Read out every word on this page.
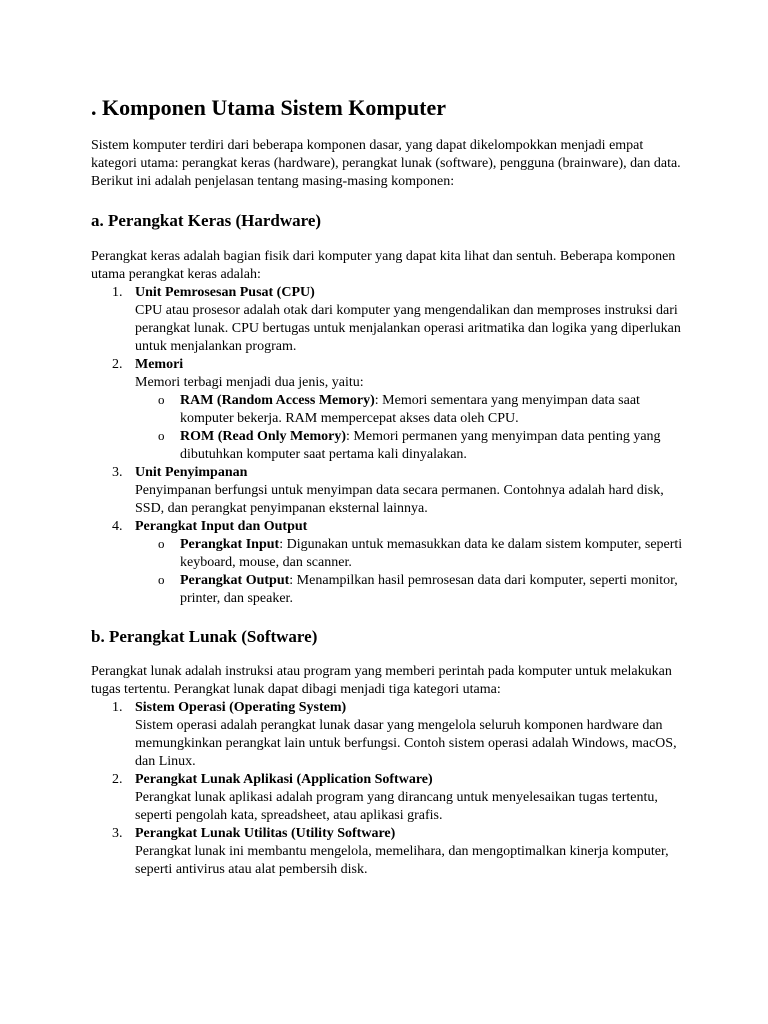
. Komponen Utama Sistem Komputer

Sistem komputer terdiri dari beberapa komponen dasar, yang dapat dikelompokkan menjadi empat kategori utama: perangkat keras (hardware), perangkat lunak (software), pengguna (brainware), dan data. Berikut ini adalah penjelasan tentang masing-masing komponen:

a. Perangkat Keras (Hardware)

Perangkat keras adalah bagian fisik dari komputer yang dapat kita lihat dan sentuh. Beberapa komponen utama perangkat keras adalah:

1. Unit Pemrosesan Pusat (CPU)
CPU atau prosesor adalah otak dari komputer yang mengendalikan dan memproses instruksi dari perangkat lunak. CPU bertugas untuk menjalankan operasi aritmatika dan logika yang diperlukan untuk menjalankan program.
2. Memori
Memori terbagi menjadi dua jenis, yaitu:
o RAM (Random Access Memory): Memori sementara yang menyimpan data saat komputer bekerja. RAM mempercepat akses data oleh CPU.
o ROM (Read Only Memory): Memori permanen yang menyimpan data penting yang dibutuhkan komputer saat pertama kali dinyalakan.
3. Unit Penyimpanan
Penyimpanan berfungsi untuk menyimpan data secara permanen. Contohnya adalah hard disk, SSD, dan perangkat penyimpanan eksternal lainnya.
4. Perangkat Input dan Output
o Perangkat Input: Digunakan untuk memasukkan data ke dalam sistem komputer, seperti keyboard, mouse, dan scanner.
o Perangkat Output: Menampilkan hasil pemrosesan data dari komputer, seperti monitor, printer, dan speaker.
b. Perangkat Lunak (Software)

Perangkat lunak adalah instruksi atau program yang memberi perintah pada komputer untuk melakukan tugas tertentu. Perangkat lunak dapat dibagi menjadi tiga kategori utama:

1. Sistem Operasi (Operating System)
Sistem operasi adalah perangkat lunak dasar yang mengelola seluruh komponen hardware dan memungkinkan perangkat lain untuk berfungsi. Contoh sistem operasi adalah Windows, macOS, dan Linux.
2. Perangkat Lunak Aplikasi (Application Software)
Perangkat lunak aplikasi adalah program yang dirancang untuk menyelesaikan tugas tertentu, seperti pengolah kata, spreadsheet, atau aplikasi grafis.
3. Perangkat Lunak Utilitas (Utility Software)
Perangkat lunak ini membantu mengelola, memelihara, dan mengoptimalkan kinerja komputer, seperti antivirus atau alat pembersih disk.
